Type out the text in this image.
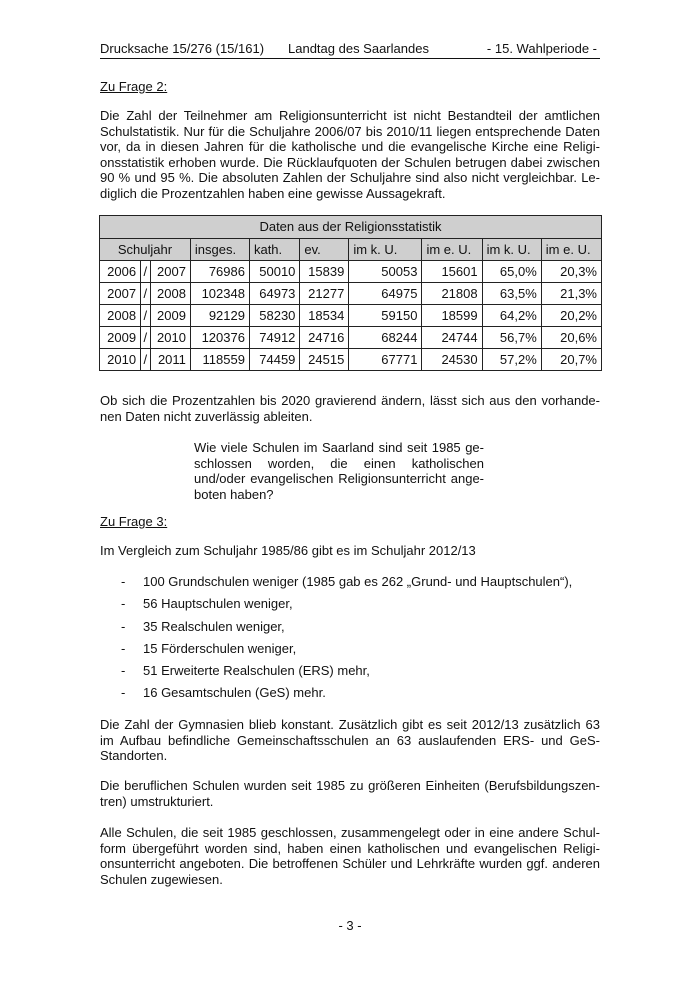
Drucksache 15/276 (15/161) Landtag des Saarlandes	- 15. Wahlperiode -
Zu Frage 2:
Die Zahl der Teilnehmer am Religionsunterricht ist nicht Bestandteil der amtlichen
Schulstatistik. Nur für die Schuljahre 2006/07 bis 2010/11 liegen entsprechende Daten
vor, da in diesen Jahren für die katholische und die evangelische Kirche eine Religi-
onsstatistik erhoben wurde. Die Rücklaufquoten der Schulen betrugen dabei zwischen
90 % und 95 %. Die absoluten Zahlen der Schuljahre sind also nicht vergleichbar. Le-
diglich die Prozentzahlen haben eine gewisse Aussagekraft.
Daten aus der Religionsstatistik									
Schuljahr			insges.	kath.	ev.	im k. U.	im e. U.	im k. U.	im e. U.
2006	/	2007	76986	50010	15839	50053	15601	65,0%	20,3%
2007	/	2008	102348	64973	21277	64975	21808	63,5%	21,3%
2008	/	2009	92129	58230	18534	59150	18599	64,2%	20,2%
2009	/	2010	120376	74912	24716	68244	24744	56,7%	20,6%
2010	/	2011	118559	74459	24515	67771	24530	57,2%	20,7%
Ob sich die Prozentzahlen bis 2020 gravierend ändern, lässt sich aus den vorhande-
nen Daten nicht zuverlässig ableiten.
Wie viele Schulen im Saarland sind seit 1985 ge-
schlossen worden, die einen katholischen
und/oder evangelischen Religionsunterricht ange-
boten haben?
Zu Frage 3:
Im Vergleich zum Schuljahr 1985/86 gibt es im Schuljahr 2012/13
- 100 Grundschulen weniger (1985 gab es 262 „Grund- und Hauptschulen“),
- 56 Hauptschulen weniger,
- 35 Realschulen weniger,
- 15 Förderschulen weniger,
- 51 Erweiterte Realschulen (ERS) mehr,
- 16 Gesamtschulen (GeS) mehr.
Die Zahl der Gymnasien blieb konstant. Zusätzlich gibt es seit 2012/13 zusätzlich 63
im Aufbau befindliche Gemeinschaftsschulen an 63 auslaufenden ERS- und GeS-
Standorten.
Die beruflichen Schulen wurden seit 1985 zu größeren Einheiten (Berufsbildungszen-
tren) umstrukturiert.
Alle Schulen, die seit 1985 geschlossen, zusammengelegt oder in eine andere Schul-
form übergeführt worden sind, haben einen katholischen und evangelischen Religi-
onsunterricht angeboten. Die betroffenen Schüler und Lehrkräfte wurden ggf. anderen
Schulen zugewiesen.
- 3 -
